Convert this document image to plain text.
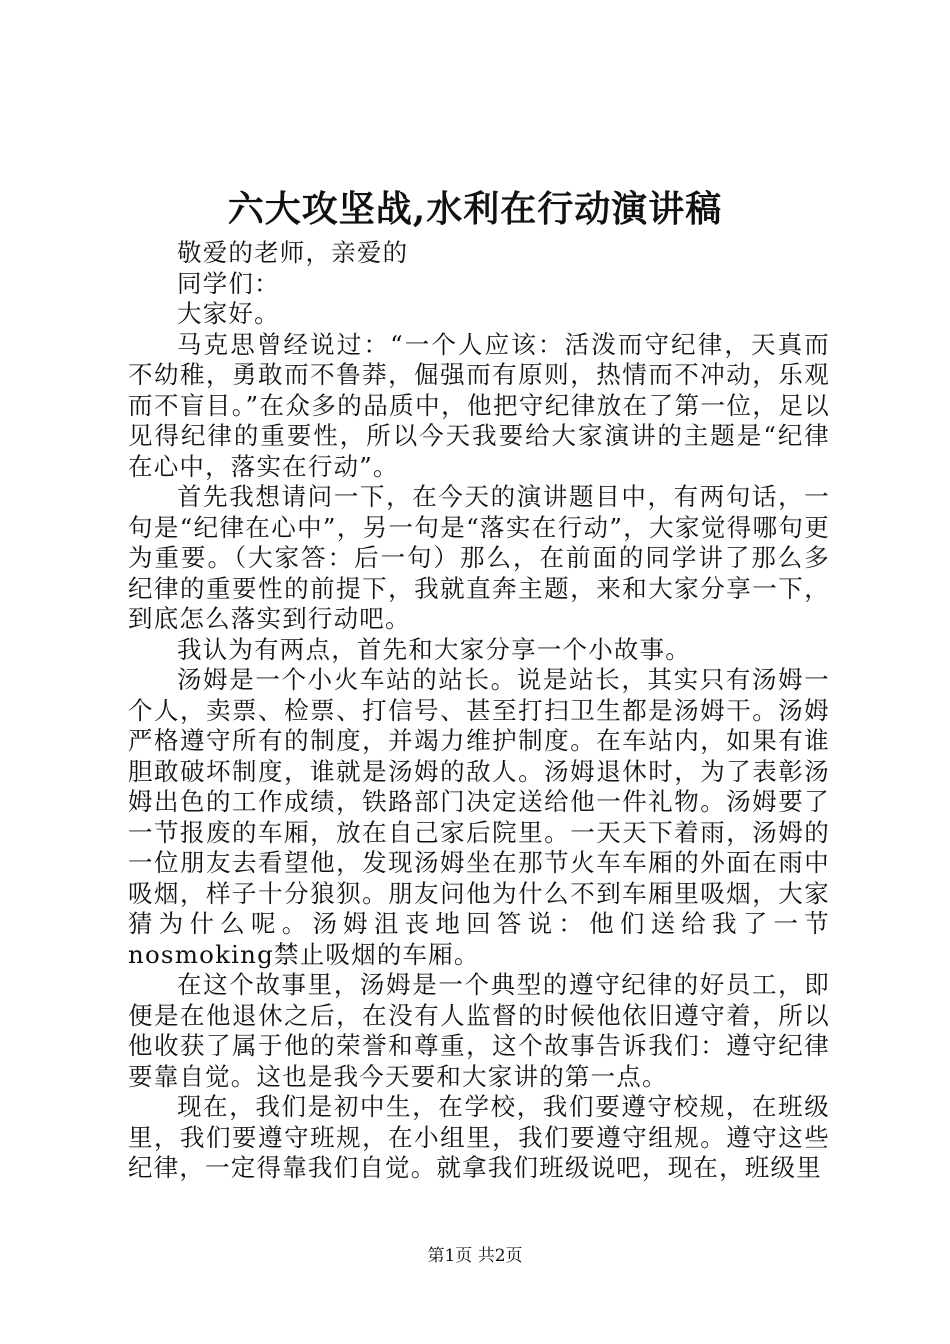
六大攻坚战,水利在行动演讲稿

敬爱的老师，亲爱的

同学们：

大家好。

马克思曾经说过：“一个人应该：活泼而守纪律，天真而不幼稚，勇敢而不鲁莽，倔强而有原则，热情而不冲动，乐观而不盲目。”在众多的品质中，他把守纪律放在了第一位，足以见得纪律的重要性，所以今天我要给大家演讲的主题是“纪律在心中，落实在行动”。

首先我想请问一下，在今天的演讲题目中，有两句话，一句是“纪律在心中”，另一句是“落实在行动”，大家觉得哪句更为重要。（大家答：后一句）那么，在前面的同学讲了那么多纪律的重要性的前提下，我就直奔主题，来和大家分享一下，到底怎么落实到行动吧。

我认为有两点，首先和大家分享一个小故事。

汤姆是一个小火车站的站长。说是站长，其实只有汤姆一个人，卖票、检票、打信号、甚至打扫卫生都是汤姆干。汤姆严格遵守所有的制度，并竭力维护制度。在车站内，如果有谁胆敢破坏制度，谁就是汤姆的敌人。汤姆退休时，为了表彰汤姆出色的工作成绩，铁路部门决定送给他一件礼物。汤姆要了一节报废的车厢，放在自己家后院里。一天天下着雨，汤姆的一位朋友去看望他，发现汤姆坐在那节火车车厢的外面在雨中吸烟，样子十分狼狈。朋友问他为什么不到车厢里吸烟，大家猜为什么呢。汤姆沮丧地回答说：他们送给我了一节nosmoking禁止吸烟的车厢。

在这个故事里，汤姆是一个典型的遵守纪律的好员工，即便是在他退休之后，在没有人监督的时候他依旧遵守着，所以他收获了属于他的荣誉和尊重，这个故事告诉我们：遵守纪律要靠自觉。这也是我今天要和大家讲的第一点。

现在，我们是初中生，在学校，我们要遵守校规，在班级里，我们要遵守班规，在小组里，我们要遵守组规。遵守这些纪律，一定得靠我们自觉。就拿我们班级说吧，现在，班级里

第1页 共2页
